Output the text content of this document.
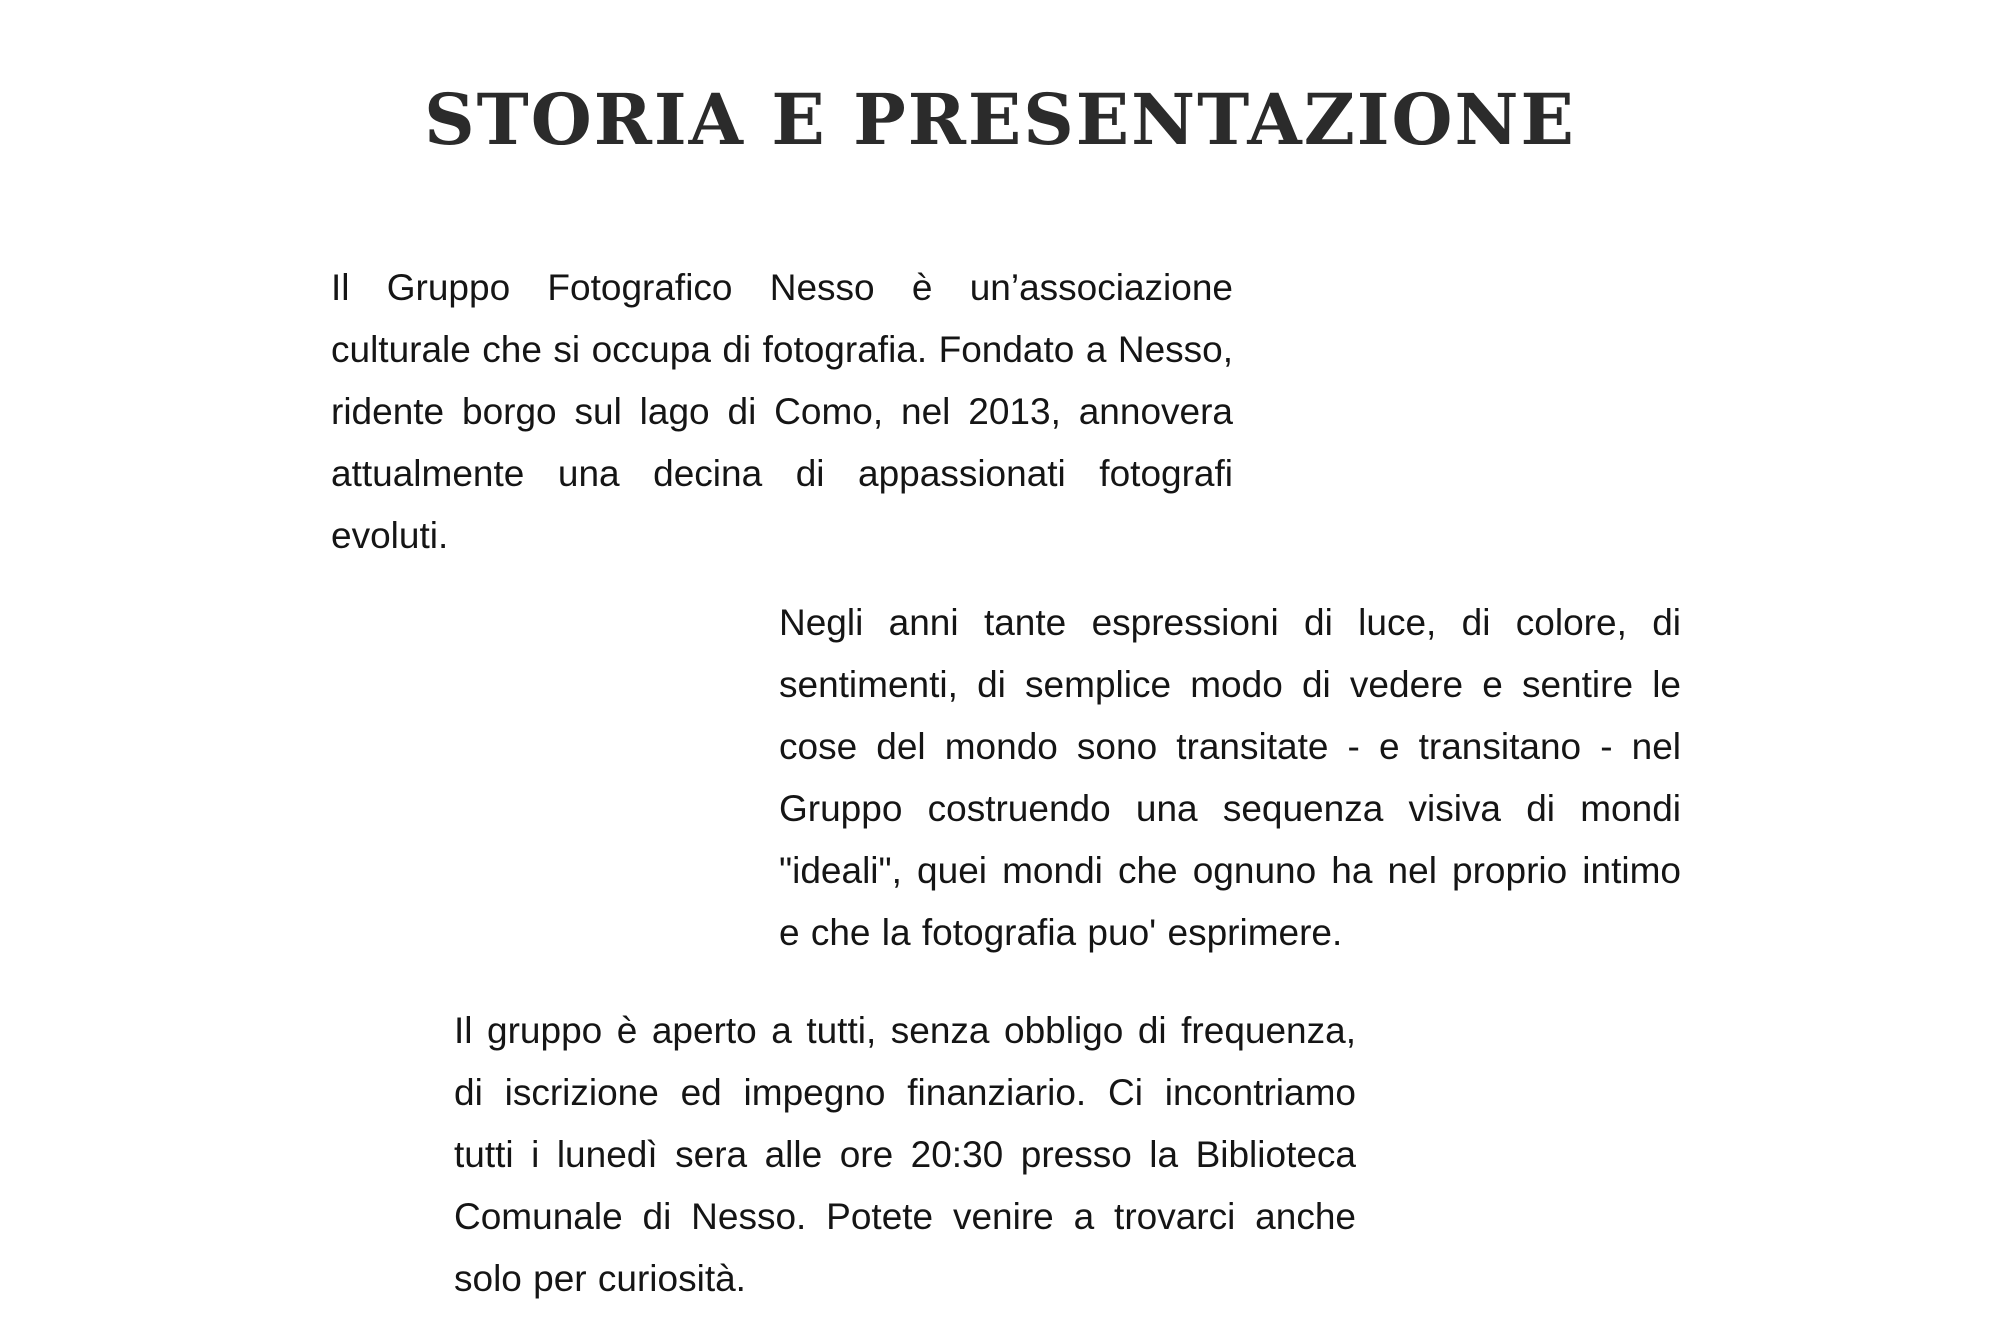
STORIA E PRESENTAZIONE

Il Gruppo Fotografico Nesso è un’associazione culturale che si occupa di fotografia. Fondato a Nesso, ridente borgo sul lago di Como, nel 2013, annovera attualmente una decina di appassionati fotografi evoluti.

Negli anni tante espressioni di luce, di colore, di sentimenti, di semplice modo di vedere e sentire le cose del mondo sono transitate - e transitano - nel Gruppo costruendo una sequenza visiva di mondi "ideali", quei mondi che ognuno ha nel proprio intimo e che la fotografia puo' esprimere.

Il gruppo è aperto a tutti, senza obbligo di frequenza, di iscrizione ed impegno finanziario. Ci incontriamo tutti i lunedì sera alle ore 20:30 presso la Biblioteca Comunale di Nesso. Potete venire a trovarci anche solo per curiosità.
